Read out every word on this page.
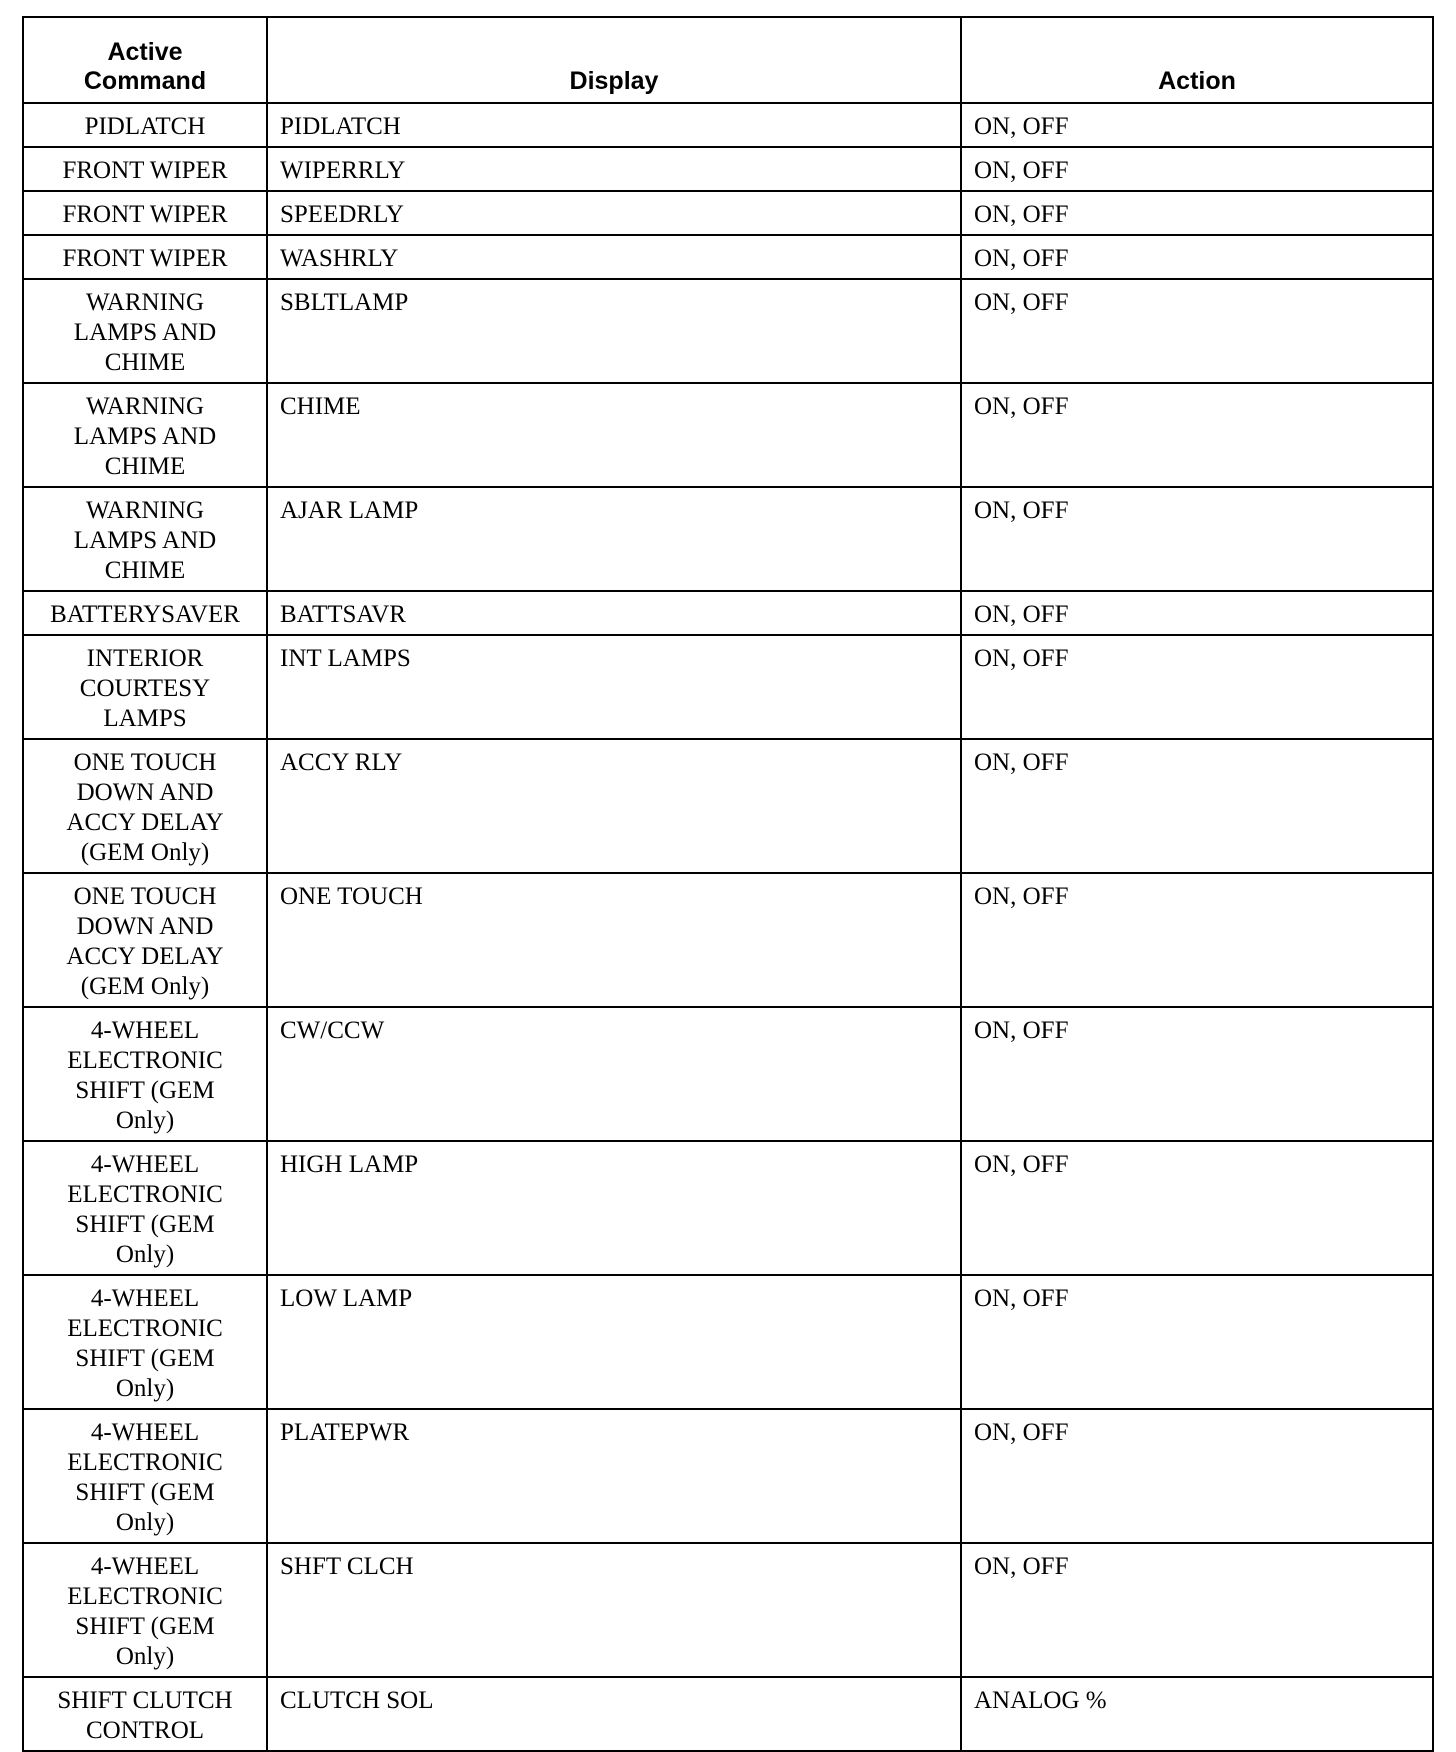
Active
Command	Display	Action

PIDLATCH	PIDLATCH	ON, OFF

FRONT WIPER	WIPERRLY	ON, OFF

FRONT WIPER	SPEEDRLY	ON, OFF

FRONT WIPER	WASHRLY	ON, OFF

WARNING
LAMPS AND
CHIME	SBLTLAMP	ON, OFF

WARNING
LAMPS AND
CHIME	CHIME	ON, OFF

WARNING
LAMPS AND
CHIME	AJAR LAMP	ON, OFF

BATTERYSAVER	BATTSAVR	ON, OFF

INTERIOR
COURTESY
LAMPS	INT LAMPS	ON, OFF

ONE TOUCH
DOWN AND
ACCY DELAY
(GEM Only)	ACCY RLY	ON, OFF

ONE TOUCH
DOWN AND
ACCY DELAY
(GEM Only)	ONE TOUCH	ON, OFF

4-WHEEL
ELECTRONIC
SHIFT (GEM
Only)	CW/CCW	ON, OFF

4-WHEEL
ELECTRONIC
SHIFT (GEM
Only)	HIGH LAMP	ON, OFF

4-WHEEL
ELECTRONIC
SHIFT (GEM
Only)	LOW LAMP	ON, OFF

4-WHEEL
ELECTRONIC
SHIFT (GEM
Only)	PLATEPWR	ON, OFF

4-WHEEL
ELECTRONIC
SHIFT (GEM
Only)	SHFT CLCH	ON, OFF

SHIFT CLUTCH
CONTROL	CLUTCH SOL	ANALOG %
